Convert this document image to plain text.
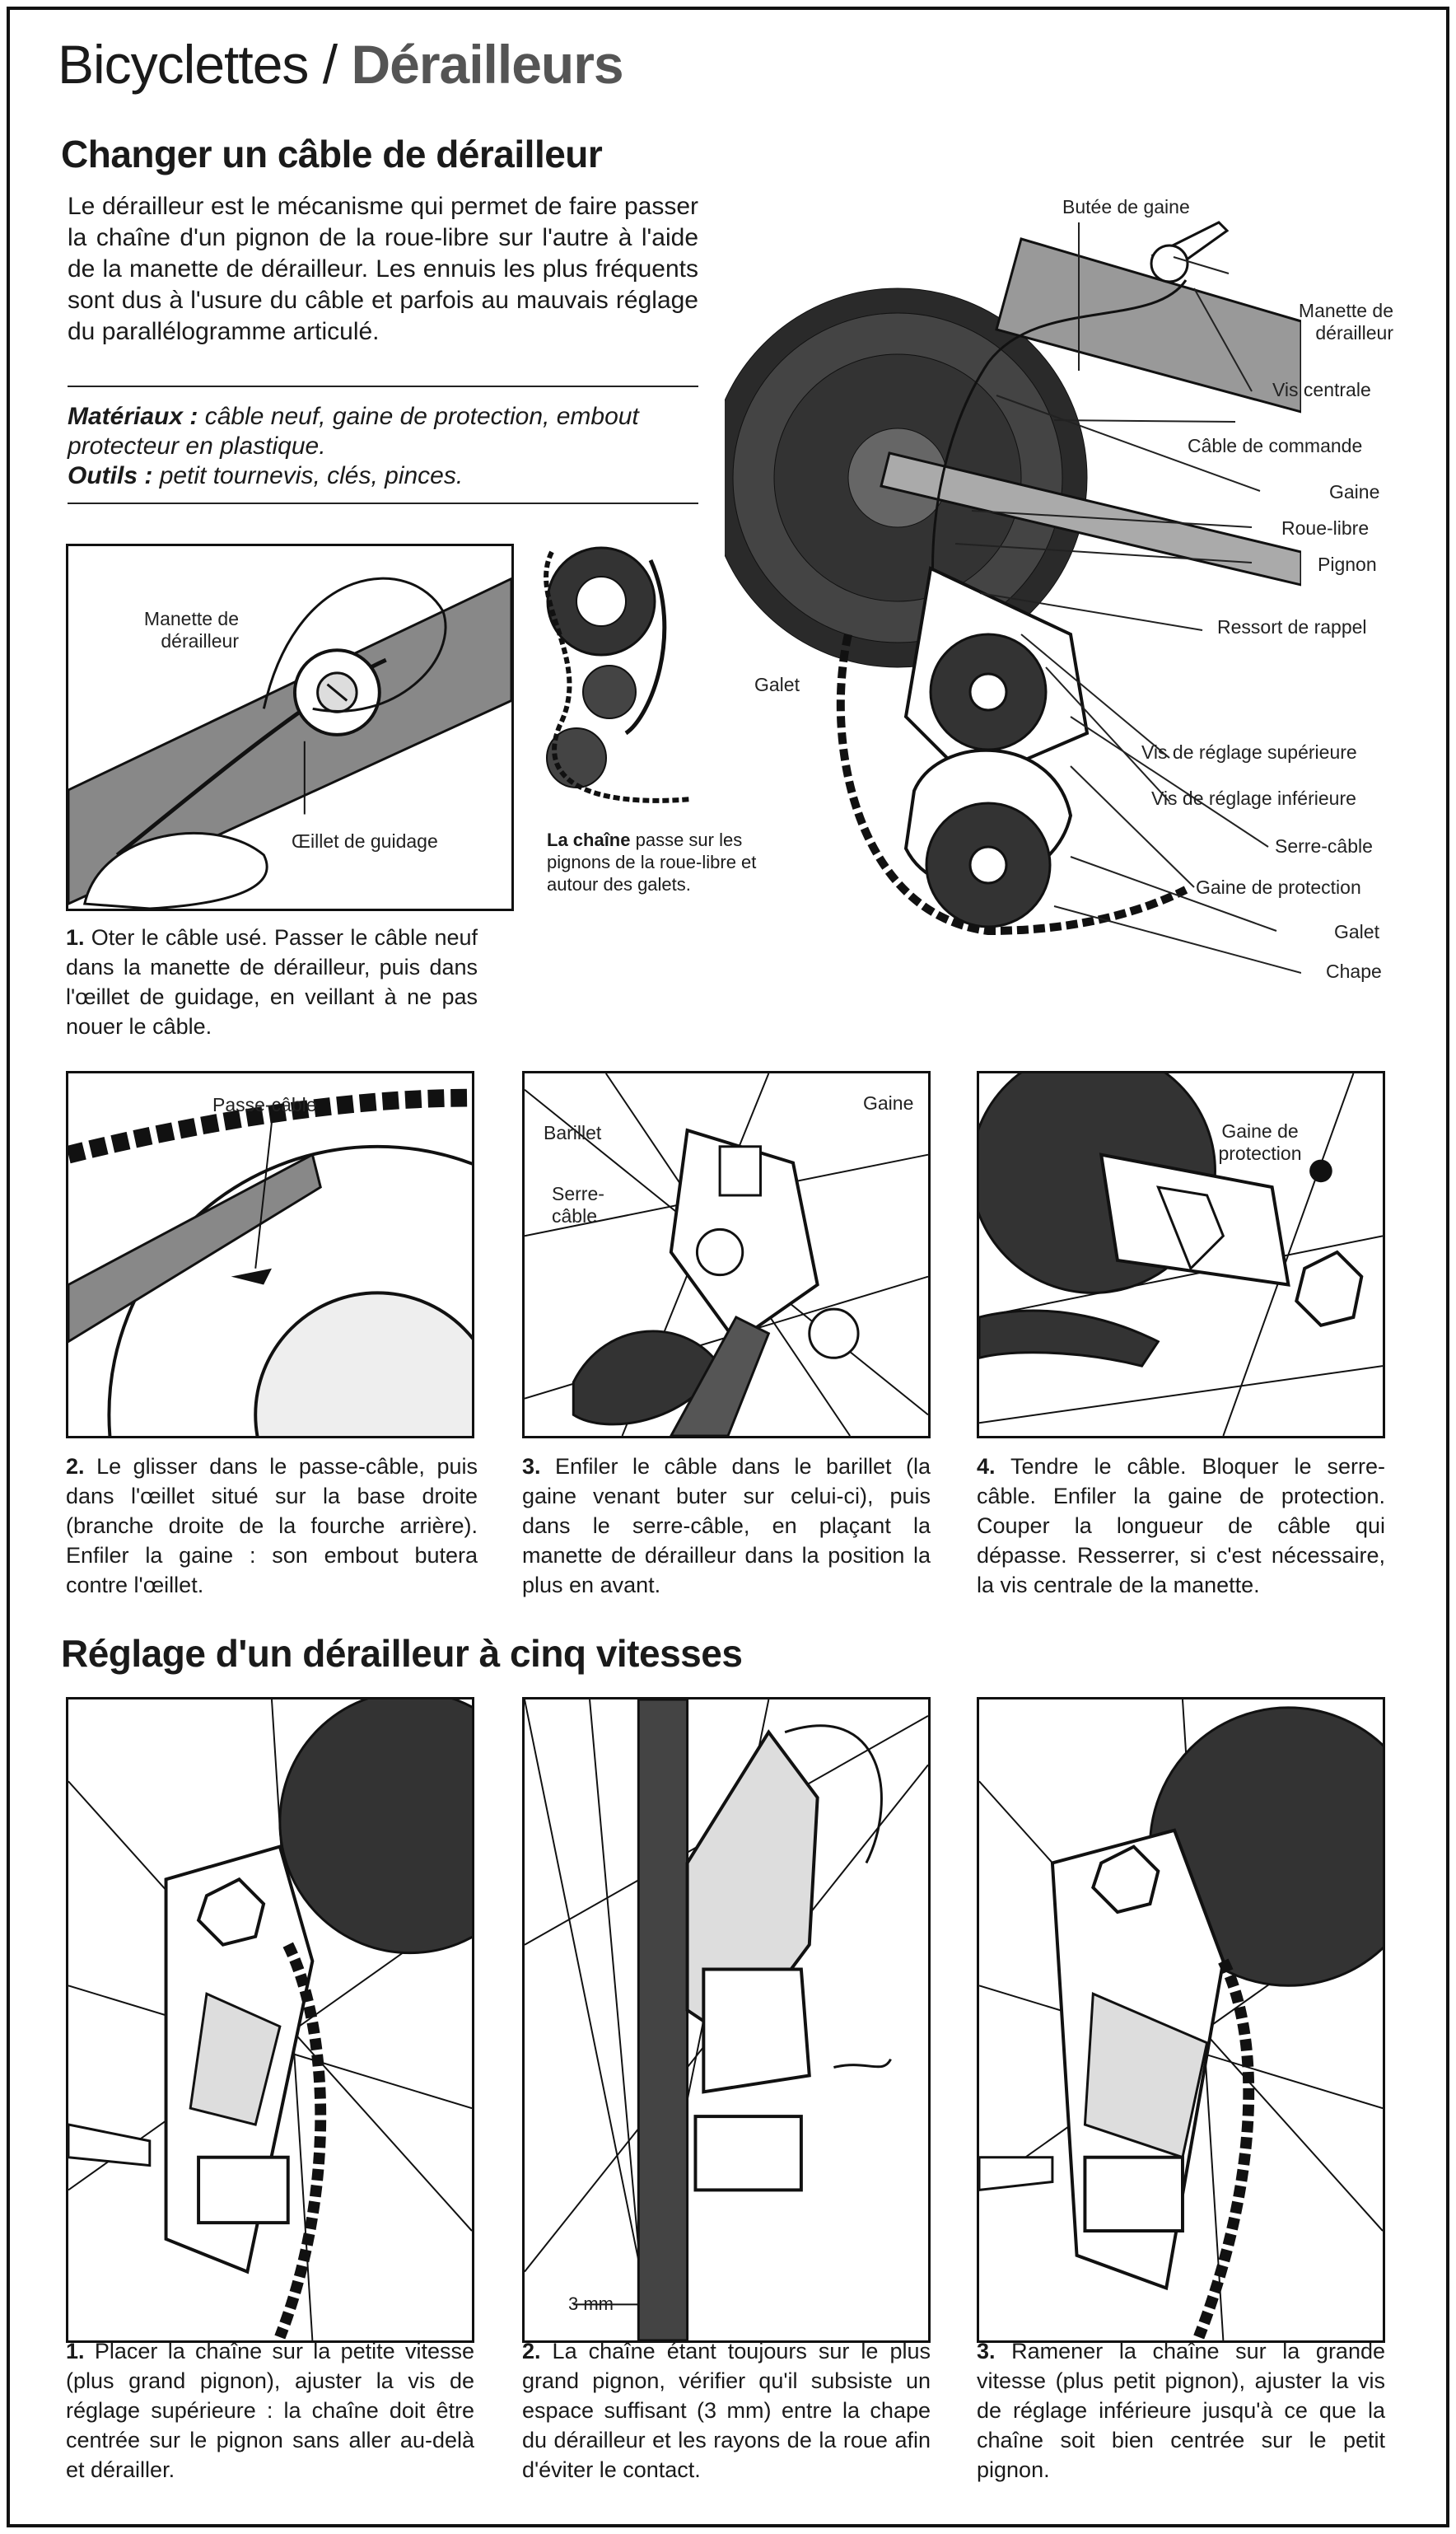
Bicyclettes / Dérailleurs
Changer un câble de dérailleur
Le dérailleur est le mécanisme qui permet de faire passer la chaîne d'un pignon de la roue-libre sur l'autre à l'aide de la manette de dérailleur. Les ennuis les plus fréquents sont dus à l'usure du câble et parfois au mauvais réglage du parallélogramme articulé.
Matériaux : câble neuf, gaine de protection, embout protecteur en plastique.
Outils : petit tournevis, clés, pinces.
Butée de gaine
Manette de dérailleur
Vis centrale
Câble de commande
Gaine
Roue-libre
Pignon
Ressort de rappel
Galet
Vis de réglage supérieure
Vis de réglage inférieure
Serre-câble
Gaine de protection
Galet
Chape
La chaîne passe sur les pignons de la roue-libre et autour des galets.
Manette de dérailleur
Œillet de guidage
1. Oter le câble usé. Passer le câble neuf dans la manette de dérailleur, puis dans l'œillet de guidage, en veillant à ne pas nouer le câble.
Passe-câble
2. Le glisser dans le passe-câble, puis dans l'œillet situé sur la base droite (branche droite de la fourche arrière). Enfiler la gaine : son embout butera contre l'œillet.
Barillet
Gaine
Serre-câble
3. Enfiler le câble dans le barillet (la gaine venant buter sur celui-ci), puis dans le serre-câble, en plaçant la manette de dérailleur dans la position la plus en avant.
Gaine de protection
4. Tendre le câble. Bloquer le serre-câble. Enfiler la gaine de protection. Couper la longueur de câble qui dépasse. Resserrer, si c'est nécessaire, la vis centrale de la manette.
Réglage d'un dérailleur à cinq vitesses
1. Placer la chaîne sur la petite vitesse (plus grand pignon), ajuster la vis de réglage supérieure : la chaîne doit être centrée sur le pignon sans aller au-delà et dérailler.
3 mm
2. La chaîne étant toujours sur le plus grand pignon, vérifier qu'il subsiste un espace suffisant (3 mm) entre la chape du dérailleur et les rayons de la roue afin d'éviter le contact.
3. Ramener la chaîne sur la grande vitesse (plus petit pignon), ajuster la vis de réglage inférieure jusqu'à ce que la chaîne soit bien centrée sur le petit pignon.
